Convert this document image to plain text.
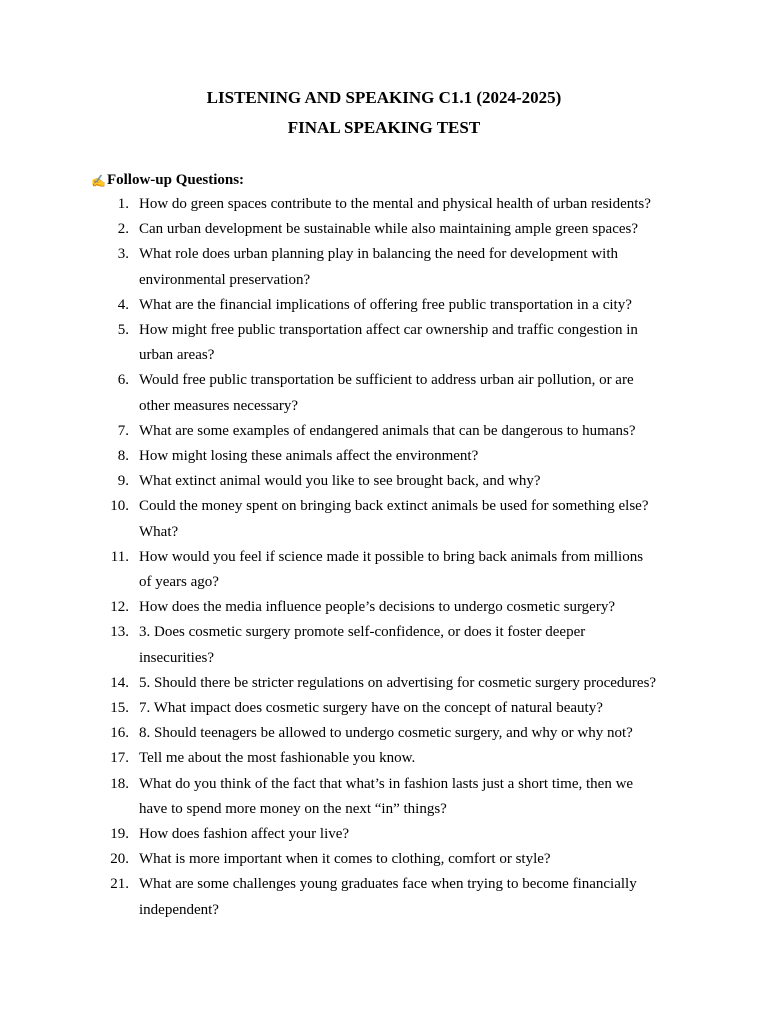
LISTENING AND SPEAKING C1.1 (2024-2025)
FINAL SPEAKING TEST
✍Follow-up Questions:
1. How do green spaces contribute to the mental and physical health of urban residents?
2. Can urban development be sustainable while also maintaining ample green spaces?
3. What role does urban planning play in balancing the need for development with
environmental preservation?
4. What are the financial implications of offering free public transportation in a city?
5. How might free public transportation affect car ownership and traffic congestion in
urban areas?
6. Would free public transportation be sufficient to address urban air pollution, or are
other measures necessary?
7. What are some examples of endangered animals that can be dangerous to humans?
8. How might losing these animals affect the environment?
9. What extinct animal would you like to see brought back, and why?
10. Could the money spent on bringing back extinct animals be used for something else?
What?
11. How would you feel if science made it possible to bring back animals from millions
of years ago?
12. How does the media influence people’s decisions to undergo cosmetic surgery?
13. 3. Does cosmetic surgery promote self-confidence, or does it foster deeper
insecurities?
14. 5. Should there be stricter regulations on advertising for cosmetic surgery procedures?
15. 7. What impact does cosmetic surgery have on the concept of natural beauty?
16. 8. Should teenagers be allowed to undergo cosmetic surgery, and why or why not?
17. Tell me about the most fashionable you know.
18. What do you think of the fact that what’s in fashion lasts just a short time, then we
have to spend more money on the next “in” things?
19. How does fashion affect your live?
20. What is more important when it comes to clothing, comfort or style?
21. What are some challenges young graduates face when trying to become financially
independent?
